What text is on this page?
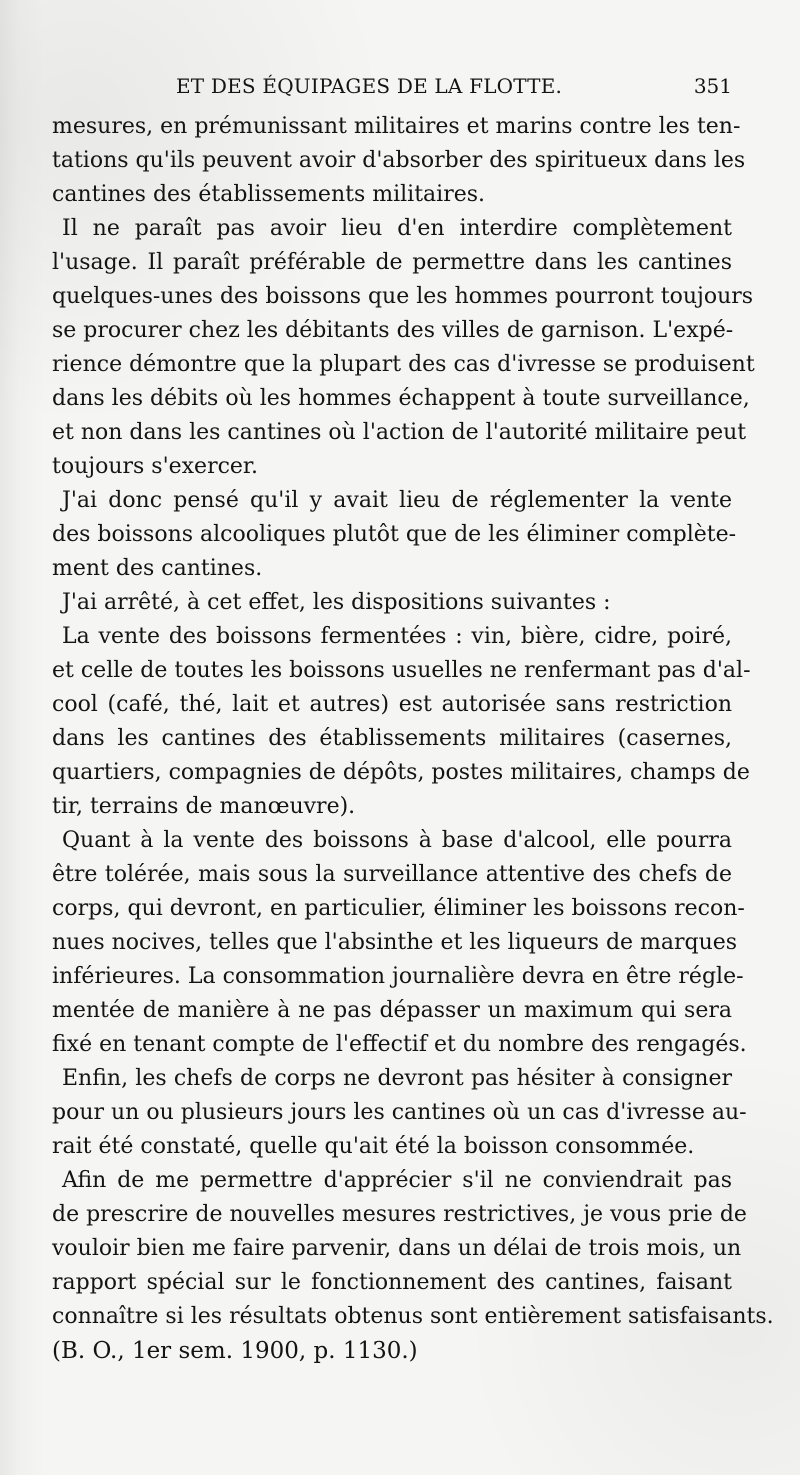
ET DES ÉQUIPAGES DE LA FLOTTE.	351
mesures, en prémunissant militaires et marins contre les ten-
tations qu'ils peuvent avoir d'absorber des spiritueux dans les
cantines des établissements militaires.
Il ne paraît pas avoir lieu d'en interdire complètement
l'usage. Il paraît préférable de permettre dans les cantines
quelques-unes des boissons que les hommes pourront toujours
se procurer chez les débitants des villes de garnison. L'expé-
rience démontre que la plupart des cas d'ivresse se produisent
dans les débits où les hommes échappent à toute surveillance,
et non dans les cantines où l'action de l'autorité militaire peut
toujours s'exercer.
J'ai donc pensé qu'il y avait lieu de réglementer la vente
des boissons alcooliques plutôt que de les éliminer complète-
ment des cantines.
J'ai arrêté, à cet effet, les dispositions suivantes :
La vente des boissons fermentées : vin, bière, cidre, poiré,
et celle de toutes les boissons usuelles ne renfermant pas d'al-
cool (café, thé, lait et autres) est autorisée sans restriction
dans les cantines des établissements militaires (casernes,
quartiers, compagnies de dépôts, postes militaires, champs de
tir, terrains de manœuvre).
Quant à la vente des boissons à base d'alcool, elle pourra
être tolérée, mais sous la surveillance attentive des chefs de
corps, qui devront, en particulier, éliminer les boissons recon-
nues nocives, telles que l'absinthe et les liqueurs de marques
inférieures. La consommation journalière devra en être régle-
mentée de manière à ne pas dépasser un maximum qui sera
fixé en tenant compte de l'effectif et du nombre des rengagés.
Enfin, les chefs de corps ne devront pas hésiter à consigner
pour un ou plusieurs jours les cantines où un cas d'ivresse au-
rait été constaté, quelle qu'ait été la boisson consommée.
Afin de me permettre d'apprécier s'il ne conviendrait pas
de prescrire de nouvelles mesures restrictives, je vous prie de
vouloir bien me faire parvenir, dans un délai de trois mois, un
rapport spécial sur le fonctionnement des cantines, faisant
connaître si les résultats obtenus sont entièrement satisfaisants.
(B. O., 1er sem. 1900, p. 1130.)
